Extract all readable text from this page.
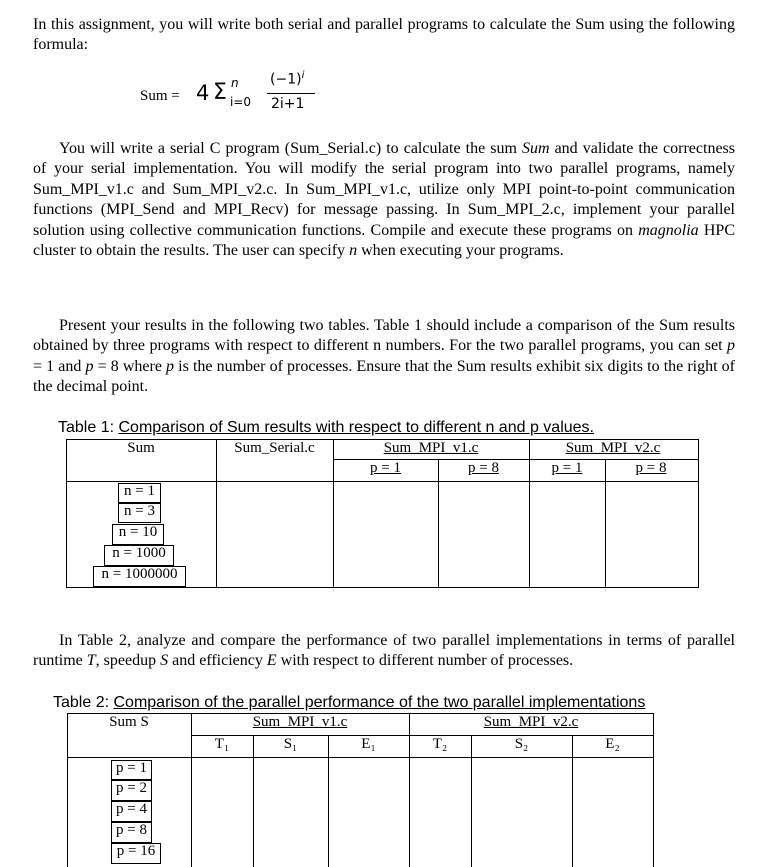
In this assignment, you will write both serial and parallel programs to calculate the Sum using the following formula:

Sum = 4 Σ n
i=0
$(-1)^i$
2i+1

You will write a serial C program (Sum_Serial.c) to calculate the sum Sum and validate the correctness of your serial implementation. You will modify the serial program into two parallel programs, namely Sum_MPI_v1.c and Sum_MPI_v2.c. In Sum_MPI_v1.c, utilize only MPI point-to-point communication functions (MPI_Send and MPI_Recv) for message passing. In Sum_MPI_2.c, implement your parallel solution using collective communication functions. Compile and execute these programs on magnolia HPC cluster to obtain the results. The user can specify n when executing your programs.

Present your results in the following two tables. Table 1 should include a comparison of the Sum results obtained by three programs with respect to different n numbers. For the two parallel programs, you can set p = 1 and p = 8 where p is the number of processes. Ensure that the Sum results exhibit six digits to the right of the decimal point.

Table 1: Comparison of Sum results with respect to different n and p values.
Sum	Sum_Serial.c	Sum_MPI_v1.c	Sum_MPI_v2.c
p = 1	p = 8	p = 1	p = 8
n = 1
n = 3
n = 10
n = 1000
n = 1000000

In Table 2, analyze and compare the performance of two parallel implementations in terms of parallel runtime T, speedup S and efficiency E with respect to different number of processes.

Table 2: Comparison of the parallel performance of the two parallel implementations
Sum S	Sum_MPI_v1.c	Sum_MPI_v2.c
T₁	S₁	E₁	T₂	S₂	E₂
p = 1
p = 2
p = 4
p = 8
p = 16
